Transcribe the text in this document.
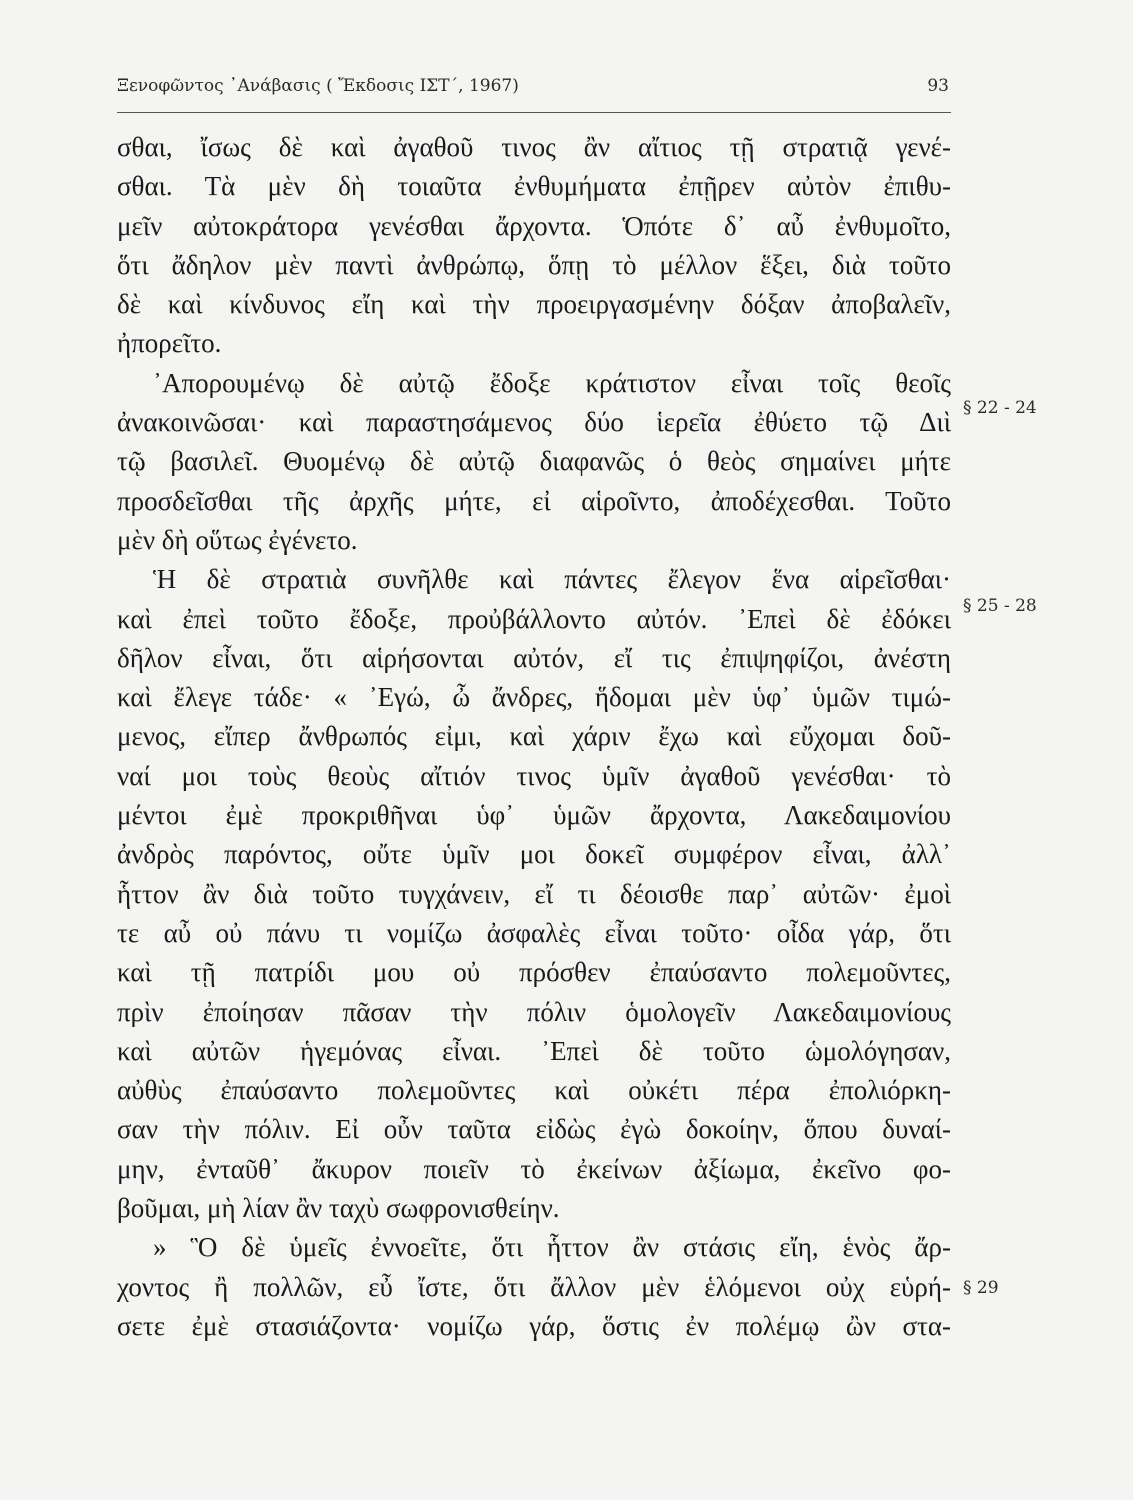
Ξενοφῶντος ᾿Ανάβασις ( Ἔκδοσις ΙΣΤ΄, 1967)	93
σθαι, ἴσως δὲ καὶ ἀγαθοῦ τινος ἂν αἴτιος τῇ στρατιᾷ γενέ-
σθαι. Τὰ μὲν δὴ τοιαῦτα ἐνθυμήματα ἐπῇρεν αὐτὸν ἐπιθυ-
μεῖν αὐτοκράτορα γενέσθαι ἄρχοντα. Ὁπότε δ᾿ αὖ ἐνθυμοῖτο,
ὅτι ἄδηλον μὲν παντὶ ἀνθρώπῳ, ὅπῃ τὸ μέλλον ἕξει, διὰ τοῦτο
δὲ καὶ κίνδυνος εἴη καὶ τὴν προειργασμένην δόξαν ἀποβαλεῖν,
ἠπορεῖτο.
᾿Απορουμένῳ δὲ αὐτῷ ἔδοξε κράτιστον εἶναι τοῖς θεοῖς
ἀνακοινῶσαι· καὶ παραστησάμενος δύο ἱερεῖα ἐθύετο τῷ Διὶ
τῷ βασιλεῖ. Θυομένῳ δὲ αὐτῷ διαφανῶς ὁ θεὸς σημαίνει μήτε
προσδεῖσθαι τῆς ἀρχῆς μήτε, εἰ αἱροῖντο, ἀποδέχεσθαι. Τοῦτο
μὲν δὴ οὕτως ἐγένετο.
Ἡ δὲ στρατιὰ συνῆλθε καὶ πάντες ἔλεγον ἕνα αἱρεῖσθαι·
καὶ ἐπεὶ τοῦτο ἔδοξε, προὐβάλλοντο αὐτόν. ᾿Επεὶ δὲ ἐδόκει
δῆλον εἶναι, ὅτι αἱρήσονται αὐτόν, εἴ τις ἐπιψηφίζοι, ἀνέστη
καὶ ἔλεγε τάδε· « ᾿Εγώ, ὦ ἄνδρες, ἥδομαι μὲν ὑφ᾿ ὑμῶν τιμώ-
μενος, εἴπερ ἄνθρωπός εἰμι, καὶ χάριν ἔχω καὶ εὔχομαι δοῦ-
ναί μοι τοὺς θεοὺς αἴτιόν τινος ὑμῖν ἀγαθοῦ γενέσθαι· τὸ
μέντοι ἐμὲ προκριθῆναι ὑφ᾿ ὑμῶν ἄρχοντα, Λακεδαιμονίου
ἀνδρὸς παρόντος, οὔτε ὑμῖν μοι δοκεῖ συμφέρον εἶναι, ἀλλ᾿
ἧττον ἂν διὰ τοῦτο τυγχάνειν, εἴ τι δέοισθε παρ᾿ αὐτῶν· ἐμοὶ
τε αὖ οὐ πάνυ τι νομίζω ἀσφαλὲς εἶναι τοῦτο· οἶδα γάρ, ὅτι
καὶ τῇ πατρίδι μου οὐ πρόσθεν ἐπαύσαντο πολεμοῦντες,
πρὶν ἐποίησαν πᾶσαν τὴν πόλιν ὁμολογεῖν Λακεδαιμονίους
καὶ αὐτῶν ἡγεμόνας εἶναι. ᾿Επεὶ δὲ τοῦτο ὡμολόγησαν,
αὐθὺς ἐπαύσαντο πολεμοῦντες καὶ οὐκέτι πέρα ἐπολιόρκη-
σαν τὴν πόλιν. Εἰ οὖν ταῦτα εἰδὼς ἐγὼ δοκοίην, ὅπου δυναί-
μην, ἐνταῦθ᾿ ἄκυρον ποιεῖν τὸ ἐκείνων ἀξίωμα, ἐκεῖνο φο-
βοῦμαι, μὴ λίαν ἂν ταχὺ σωφρονισθείην.
» Ὃ δὲ ὑμεῖς ἐννοεῖτε, ὅτι ἧττον ἂν στάσις εἴη, ἑνὸς ἄρ-
χοντος ἢ πολλῶν, εὖ ἴστε, ὅτι ἄλλον μὲν ἑλόμενοι οὐχ εὑρή-
σετε ἐμὲ στασιάζοντα· νομίζω γάρ, ὅστις ἐν πολέμῳ ὢν στα-
§ 22 - 24
§ 25 - 28
§ 29
